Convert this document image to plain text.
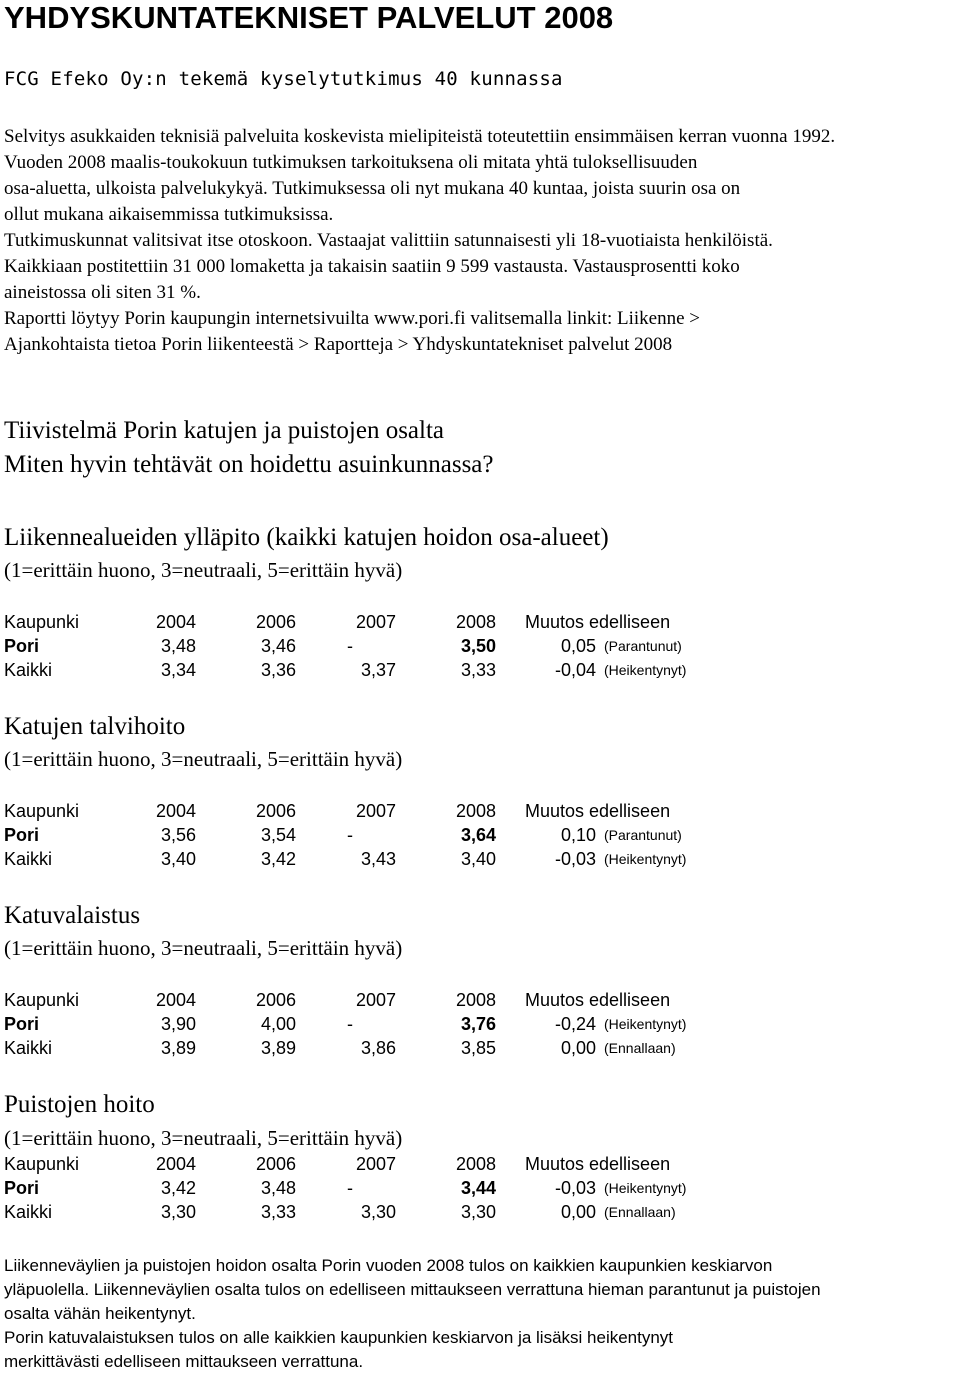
YHDYSKUNTATEKNISET PALVELUT 2008
FCG Efeko Oy:n tekemä kyselytutkimus 40 kunnassa
Selvitys asukkaiden teknisiä palveluita koskevista mielipiteistä toteutettiin ensimmäisen kerran vuonna 1992.
Vuoden 2008 maalis-toukokuun tutkimuksen tarkoituksena oli mitata yhtä tuloksellisuuden
osa-aluetta, ulkoista palvelukykyä. Tutkimuksessa oli nyt mukana 40 kuntaa, joista suurin osa on
ollut mukana aikaisemmissa tutkimuksissa.
Tutkimuskunnat valitsivat itse otoskoon. Vastaajat valittiin satunnaisesti yli 18-vuotiaista henkilöistä.
Kaikkiaan postitettiin 31 000 lomaketta ja takaisin saatiin 9 599 vastausta. Vastausprosentti koko
aineistossa oli siten 31 %.
Raportti löytyy Porin kaupungin internetsivuilta www.pori.fi valitsemalla linkit: Liikenne >
Ajankohtaista tietoa Porin liikenteestä > Raportteja > Yhdyskuntatekniset palvelut 2008
Tiivistelmä Porin katujen ja puistojen osalta
Miten hyvin tehtävät on hoidettu asuinkunnassa?
Liikennealueiden ylläpito (kaikki katujen hoidon osa-alueet)
(1=erittäin huono, 3=neutraali, 5=erittäin hyvä)
Kaupunki	2004	2006	2007	2008 Muutos edelliseen
Pori	3,48	3,46	-	3,50	0,05 (Parantunut)
Kaikki	3,34	3,36	3,37	3,33	-0,04 (Heikentynyt)
Katujen talvihoito
(1=erittäin huono, 3=neutraali, 5=erittäin hyvä)
Kaupunki	2004	2006	2007	2008 Muutos edelliseen
Pori	3,56	3,54	-	3,64	0,10 (Parantunut)
Kaikki	3,40	3,42	3,43	3,40	-0,03 (Heikentynyt)
Katuvalaistus
(1=erittäin huono, 3=neutraali, 5=erittäin hyvä)
Kaupunki	2004	2006	2007	2008 Muutos edelliseen
Pori	3,90	4,00	-	3,76	-0,24 (Heikentynyt)
Kaikki	3,89	3,89	3,86	3,85	0,00 (Ennallaan)
Puistojen hoito
(1=erittäin huono, 3=neutraali, 5=erittäin hyvä)
Kaupunki	2004	2006	2007	2008 Muutos edelliseen
Pori	3,42	3,48	-	3,44	-0,03 (Heikentynyt)
Kaikki	3,30	3,33	3,30	3,30	0,00 (Ennallaan)
Liikenneväylien ja puistojen hoidon osalta Porin vuoden 2008 tulos on kaikkien kaupunkien keskiarvon
yläpuolella. Liikenneväylien osalta tulos on edelliseen mittaukseen verrattuna hieman parantunut ja puistojen
osalta vähän heikentynyt.
Porin katuvalaistuksen tulos on alle kaikkien kaupunkien keskiarvon ja lisäksi heikentynyt
merkittävästi edelliseen mittaukseen verrattuna.
